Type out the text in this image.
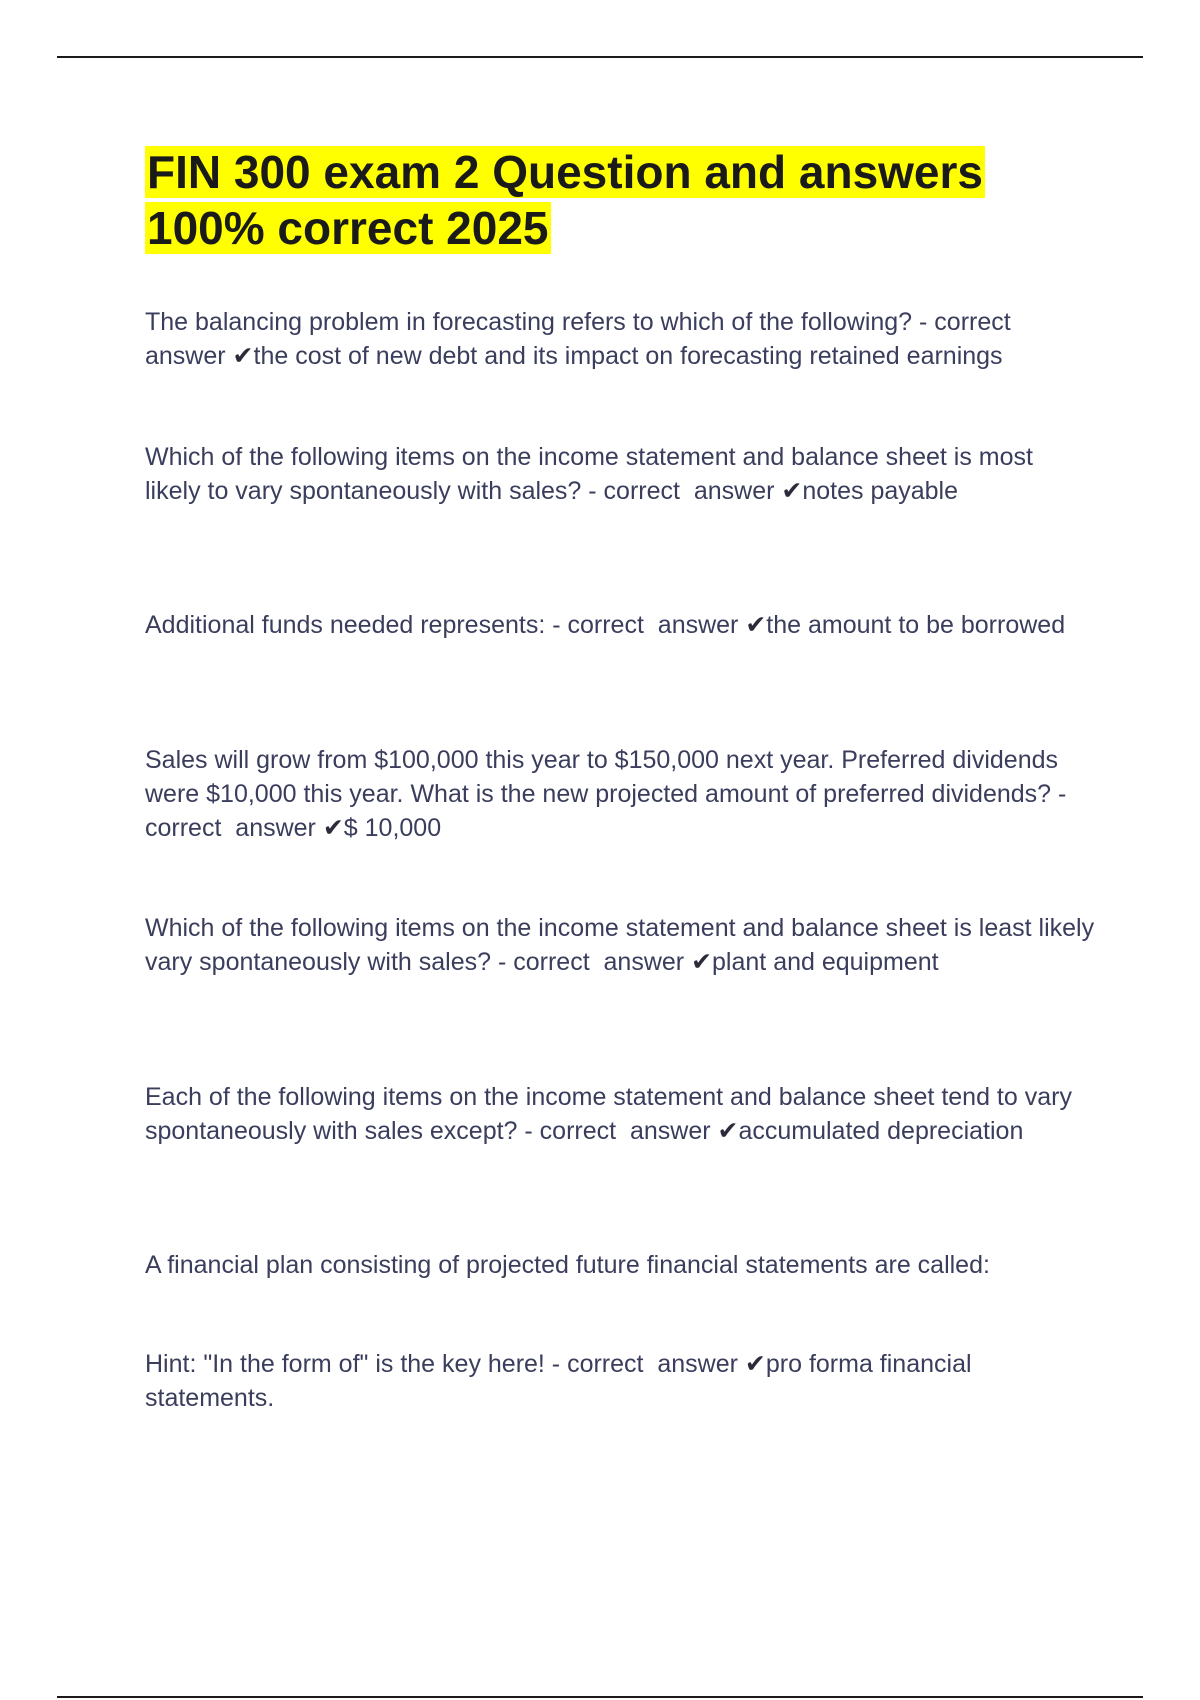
FIN 300 exam 2 Question and answers 100% correct 2025

The balancing problem in forecasting refers to which of the following? - correct  answer ✔the cost of new debt and its impact on forecasting retained earnings

Which of the following items on the income statement and balance sheet is most likely to vary spontaneously with sales? - correct  answer ✔notes payable

Additional funds needed represents: - correct  answer ✔the amount to be borrowed

Sales will grow from $100,000 this year to $150,000 next year. Preferred dividends were $10,000 this year. What is the new projected amount of preferred dividends? - correct  answer ✔$ 10,000

Which of the following items on the income statement and balance sheet is least likely vary spontaneously with sales? - correct  answer ✔plant and equipment

Each of the following items on the income statement and balance sheet tend to vary spontaneously with sales except? - correct  answer ✔accumulated depreciation

A financial plan consisting of projected future financial statements are called:

Hint: "In the form of" is the key here! - correct  answer ✔pro forma financial statements.
